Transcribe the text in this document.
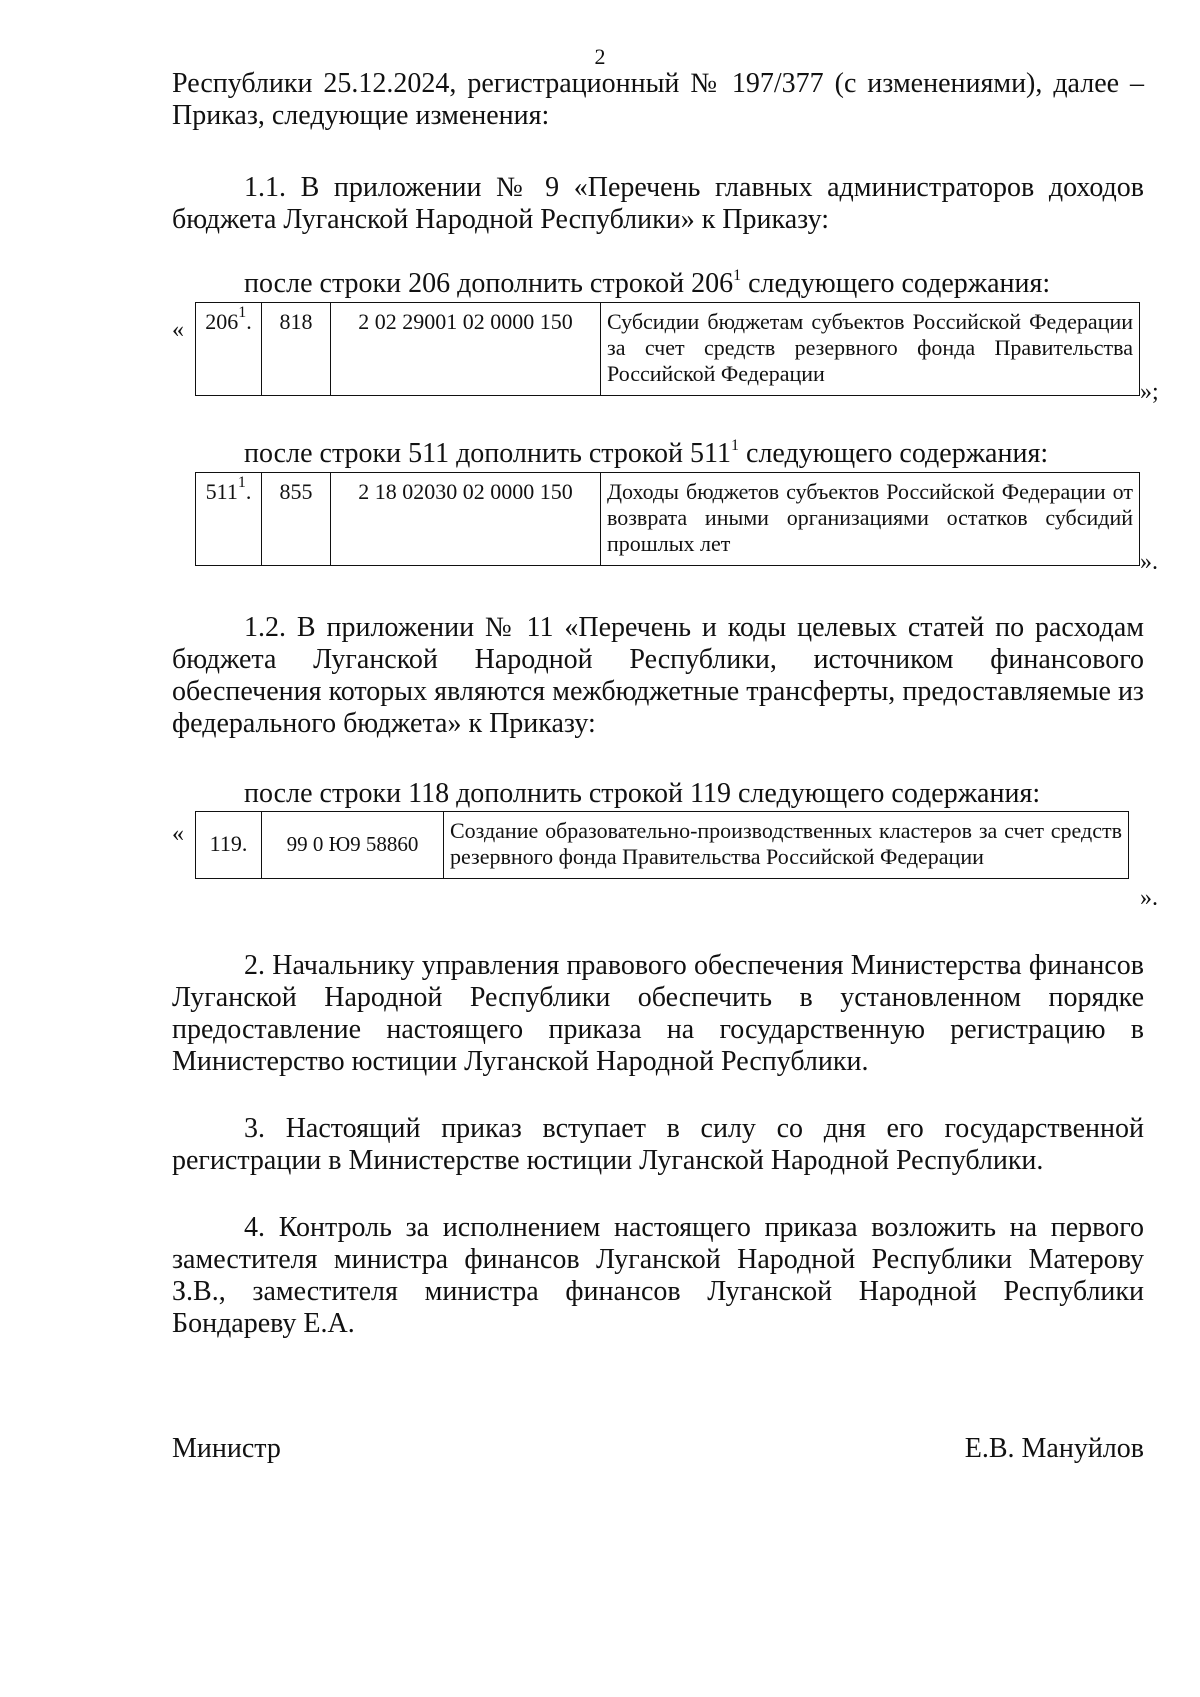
2
Республики 25.12.2024, регистрационный № 197/377 (с изменениями), далее – Приказ, следующие изменения:
1.1. В приложении № 9 «Перечень главных администраторов доходов бюджета Луганской Народной Республики» к Приказу:
после строки 206 дополнить строкой $206^1$ следующего содержания:
« $206^1$.	818	2 02 29001 02 0000 150	Субсидии бюджетам субъектов Российской Федерации за счет средств резервного фонда Правительства Российской Федерации
»;
после строки 511 дополнить строкой $511^1$ следующего содержания:
$511^1$.	855	2 18 02030 02 0000 150	Доходы бюджетов субъектов Российской Федерации от возврата иными организациями остатков субсидий прошлых лет
».
1.2. В приложении № 11 «Перечень и коды целевых статей по расходам бюджета Луганской Народной Республики, источником финансового обеспечения которых являются межбюджетные трансферты, предоставляемые из федерального бюджета» к Приказу:
после строки 118 дополнить строкой 119 следующего содержания:
« 119.	99 0 Ю9 58860	Создание образовательно-производственных кластеров за счет средств резервного фонда Правительства Российской Федерации
».
2. Начальнику управления правового обеспечения Министерства финансов Луганской Народной Республики обеспечить в установленном порядке предоставление настоящего приказа на государственную регистрацию в Министерство юстиции Луганской Народной Республики.
3. Настоящий приказ вступает в силу со дня его государственной регистрации в Министерстве юстиции Луганской Народной Республики.
4. Контроль за исполнением настоящего приказа возложить на первого заместителя министра финансов Луганской Народной Республики Матерову З.В., заместителя министра финансов Луганской Народной Республики Бондареву Е.А.
Министр	Е.В. Мануйлов
